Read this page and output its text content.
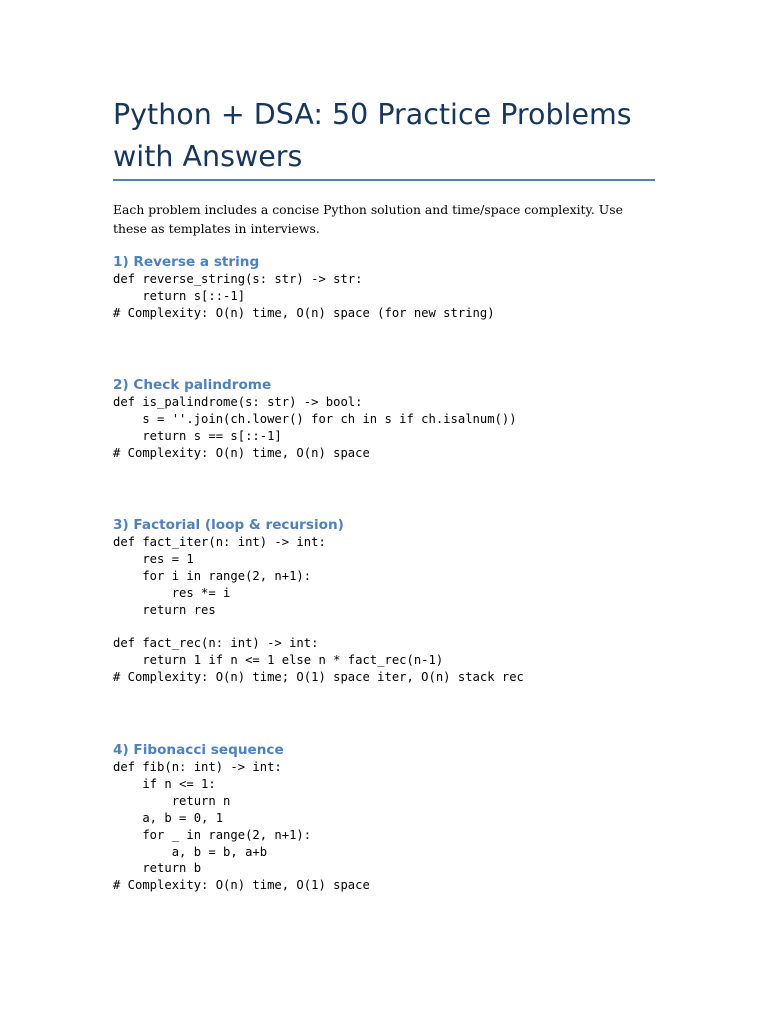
Python + DSA: 50 Practice Problems with Answers

Each problem includes a concise Python solution and time/space complexity. Use these as templates in interviews.

1) Reverse a string
def reverse_string(s: str) -> str:
return s[::-1]
# Complexity: O(n) time, O(n) space (for new string)
2) Check palindrome
def is_palindrome(s: str) -> bool:
s = ''.join(ch.lower() for ch in s if ch.isalnum())
return s == s[::-1]
# Complexity: O(n) time, O(n) space
3) Factorial (loop & recursion)
def fact_iter(n: int) -> int:
res = 1
for i in range(2, n+1):
res *= i
return res

def fact_rec(n: int) -> int:
return 1 if n <= 1 else n * fact_rec(n-1)
# Complexity: O(n) time; O(1) space iter, O(n) stack rec
4) Fibonacci sequence
def fib(n: int) -> int:
if n <= 1:
return n
a, b = 0, 1
for _ in range(2, n+1):
a, b = b, a+b
return b
# Complexity: O(n) time, O(1) space
